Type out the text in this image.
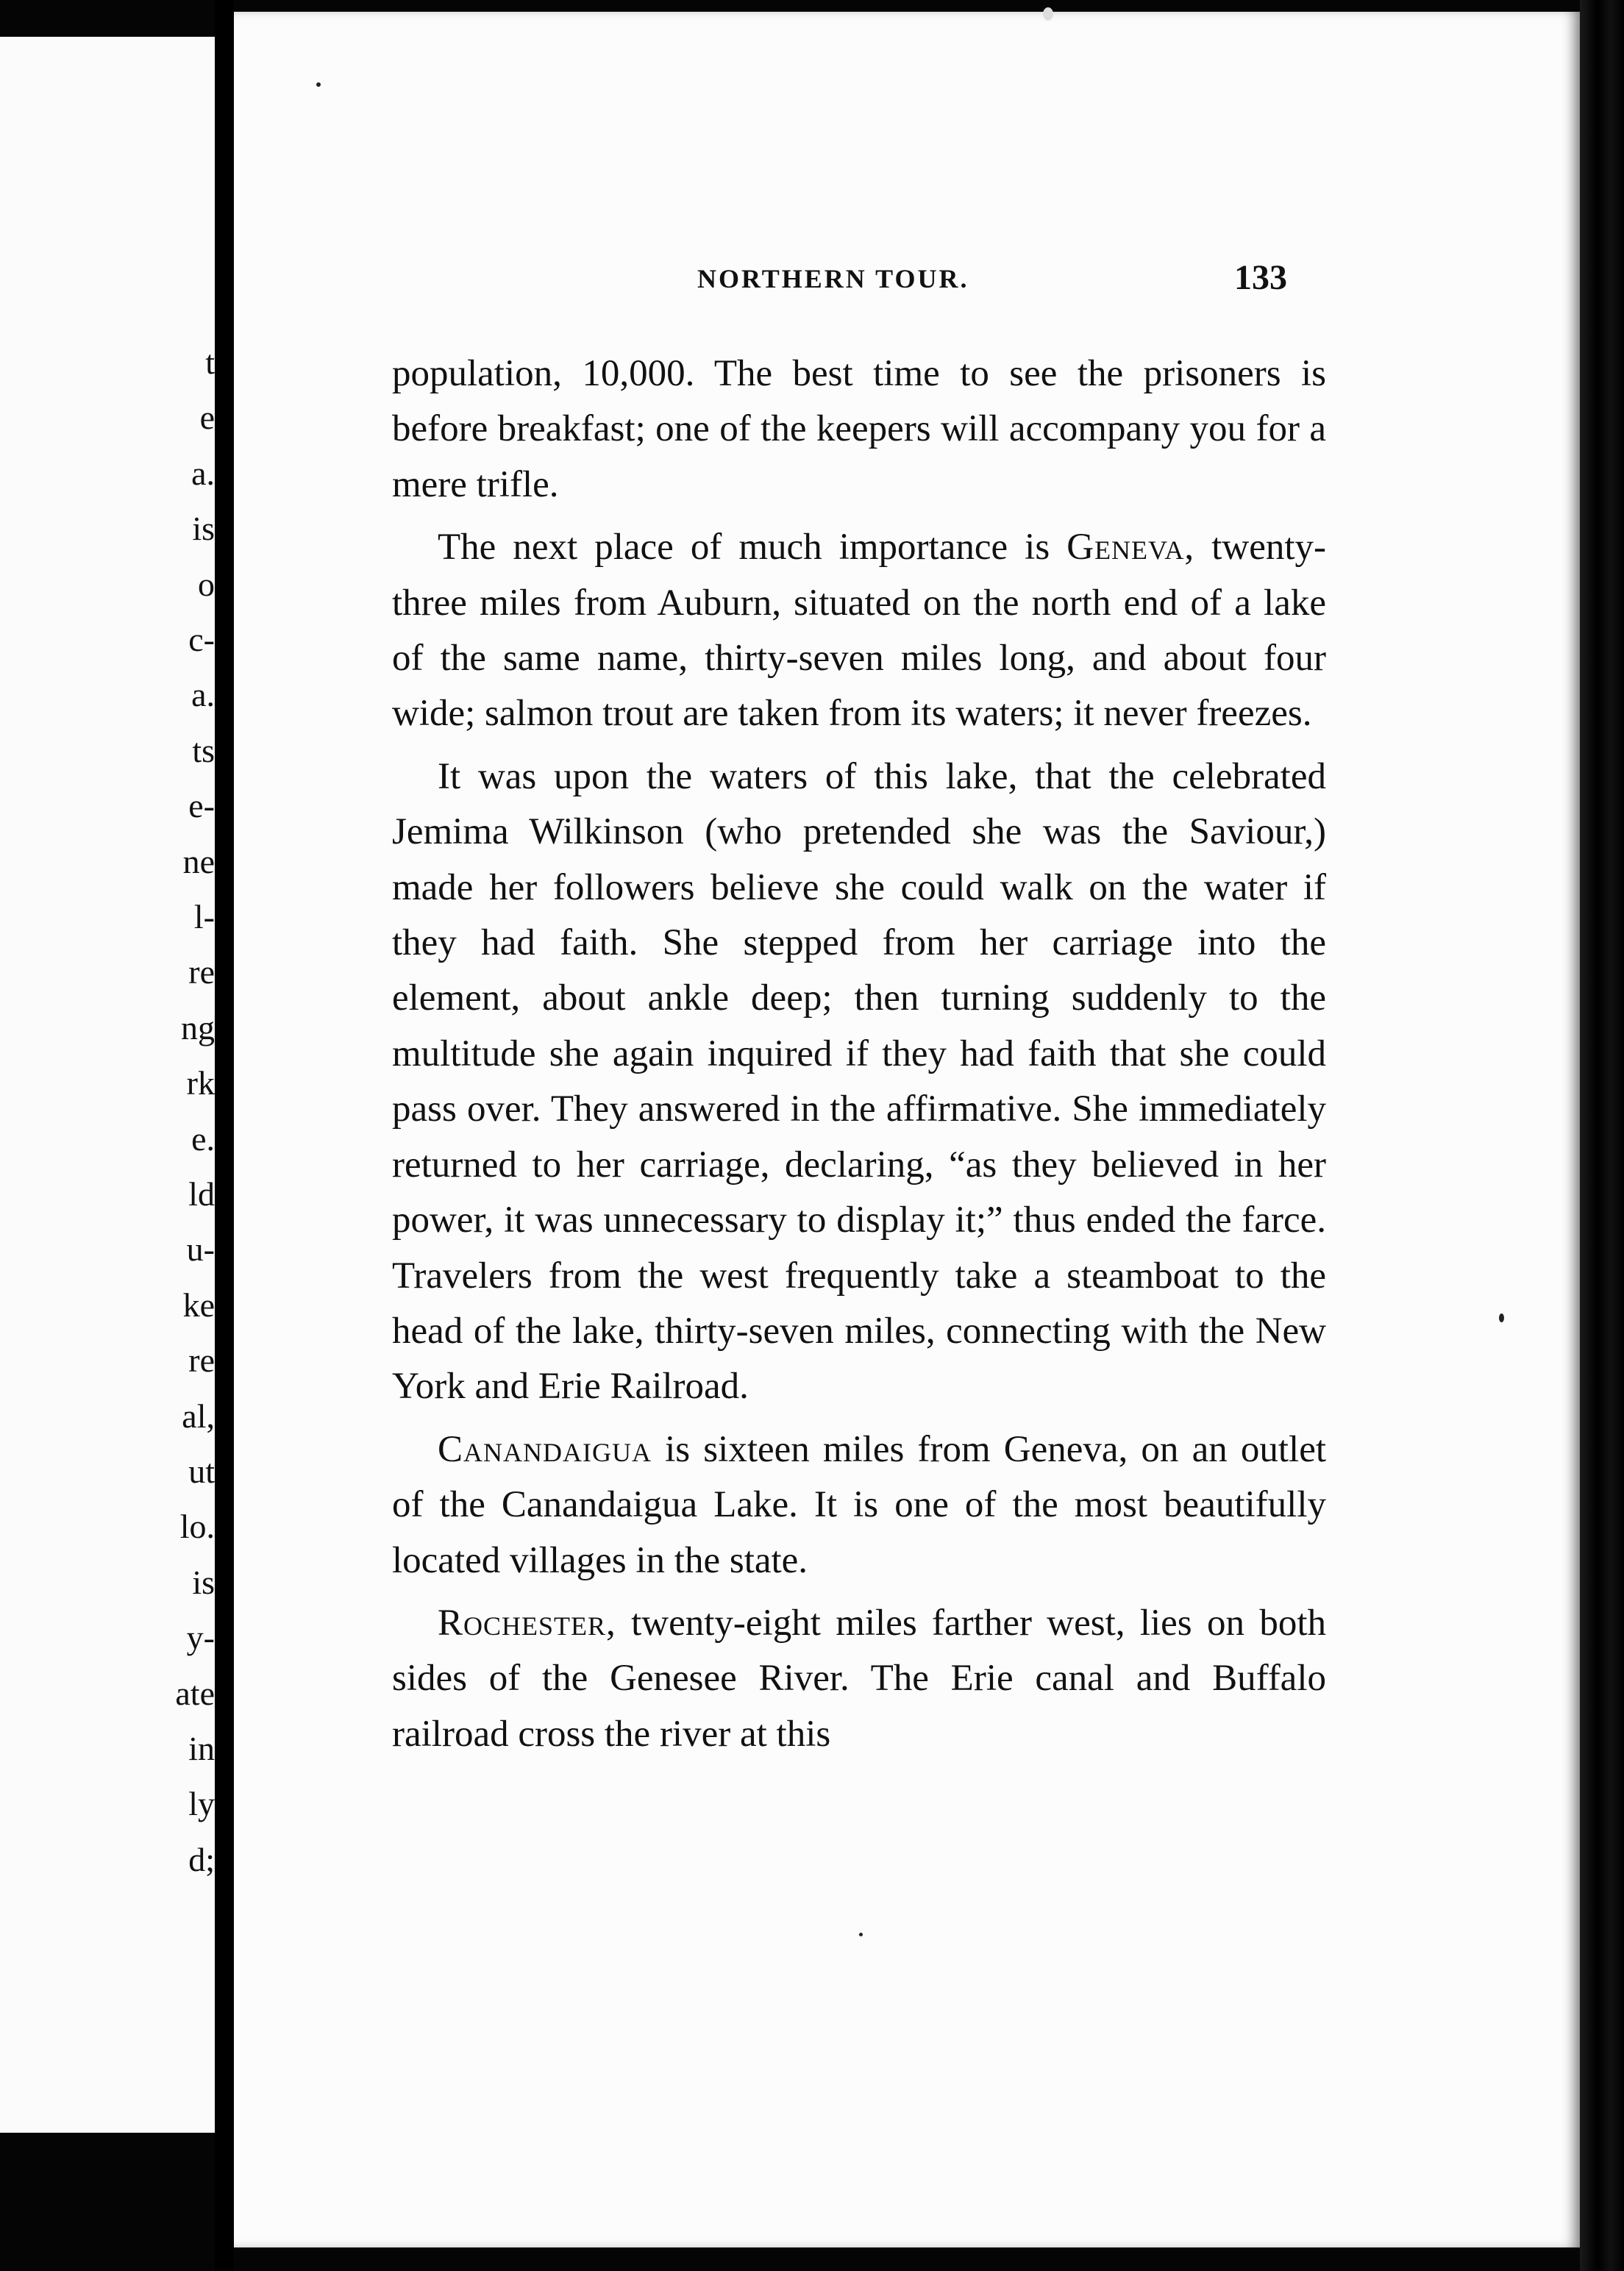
t
e
a.
is
o
c-
a.
ts
e-
ne
l-
re
ng
rk
e.
ld
u-
ke
re
al,
ut
lo.
is
y-
ate
in
ly
d;
NORTHERN TOUR.	133

population, 10,000. The best time to see the prisoners is before breakfast; one of the keepers will accompany you for a mere trifle.

The next place of much importance is Geneva, twenty-three miles from Auburn, situated on the north end of a lake of the same name, thirty-seven miles long, and about four wide; salmon trout are taken from its waters; it never freezes.

It was upon the waters of this lake, that the celebrated Jemima Wilkinson (who pretended she was the Saviour,) made her followers believe she could walk on the water if they had faith. She stepped from her carriage into the element, about ankle deep; then turning suddenly to the multitude she again inquired if they had faith that she could pass over. They answered in the affirmative. She immediately returned to her carriage, declaring, “as they believed in her power, it was unnecessary to display it;” thus ended the farce. Travelers from the west frequently take a steamboat to the head of the lake, thirty-seven miles, connecting with the New York and Erie Railroad.

Canandaigua is sixteen miles from Geneva, on an outlet of the Canandaigua Lake. It is one of the most beautifully located villages in the state.

Rochester, twenty-eight miles farther west, lies on both sides of the Genesee River. The Erie canal and Buffalo railroad cross the river at this
